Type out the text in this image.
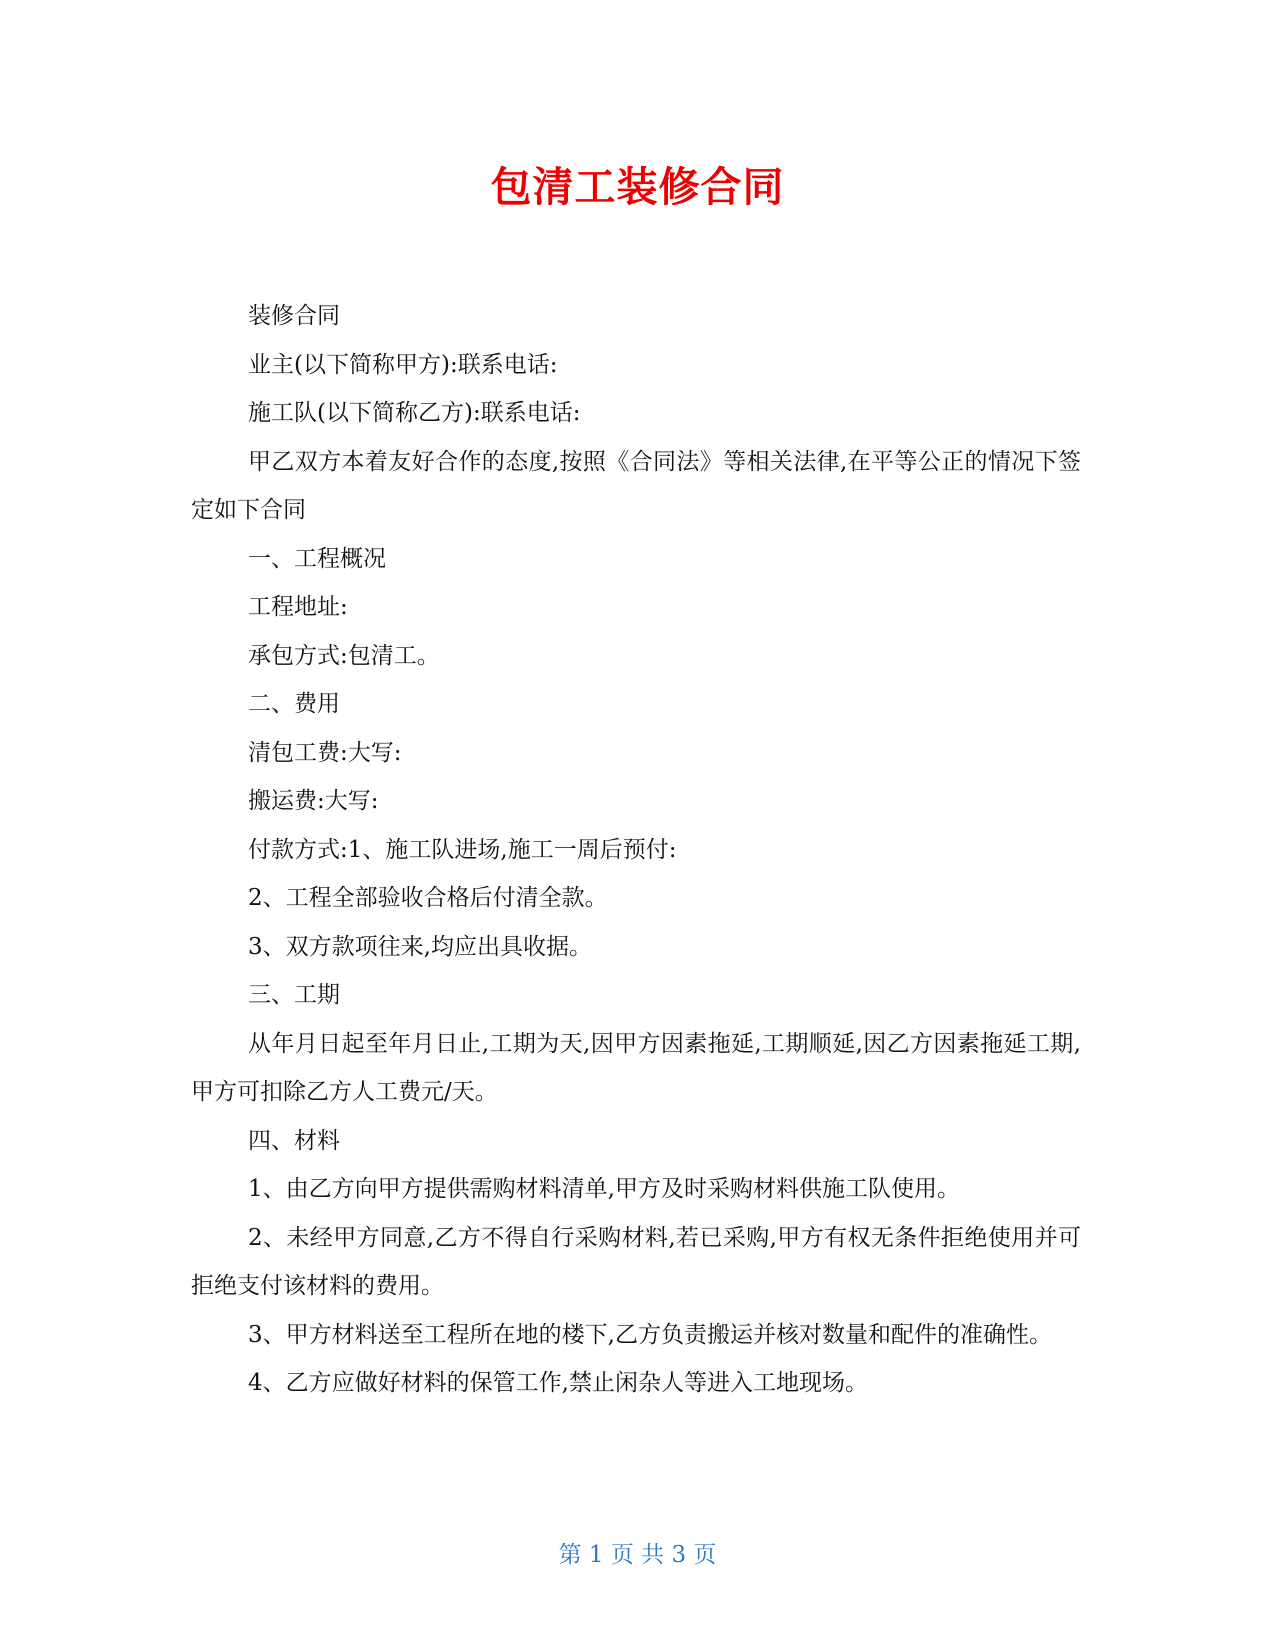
包清工装修合同

装修合同

业主(以下简称甲方):联系电话:

施工队(以下简称乙方):联系电话:

甲乙双方本着友好合作的态度,按照《合同法》等相关法律,在平等公正的情况下签定如下合同

一、工程概况

工程地址:

承包方式:包清工。

二、费用

清包工费:大写:

搬运费:大写:

付款方式:1、施工队进场,施工一周后预付:

2、工程全部验收合格后付清全款。

3、双方款项往来,均应出具收据。

三、工期

从年月日起至年月日止,工期为天,因甲方因素拖延,工期顺延,因乙方因素拖延工期,甲方可扣除乙方人工费元/天。

四、材料

1、由乙方向甲方提供需购材料清单,甲方及时采购材料供施工队使用。

2、未经甲方同意,乙方不得自行采购材料,若已采购,甲方有权无条件拒绝使用并可拒绝支付该材料的费用。

3、甲方材料送至工程所在地的楼下,乙方负责搬运并核对数量和配件的准确性。

4、乙方应做好材料的保管工作,禁止闲杂人等进入工地现场。

第 1 页 共 3 页
